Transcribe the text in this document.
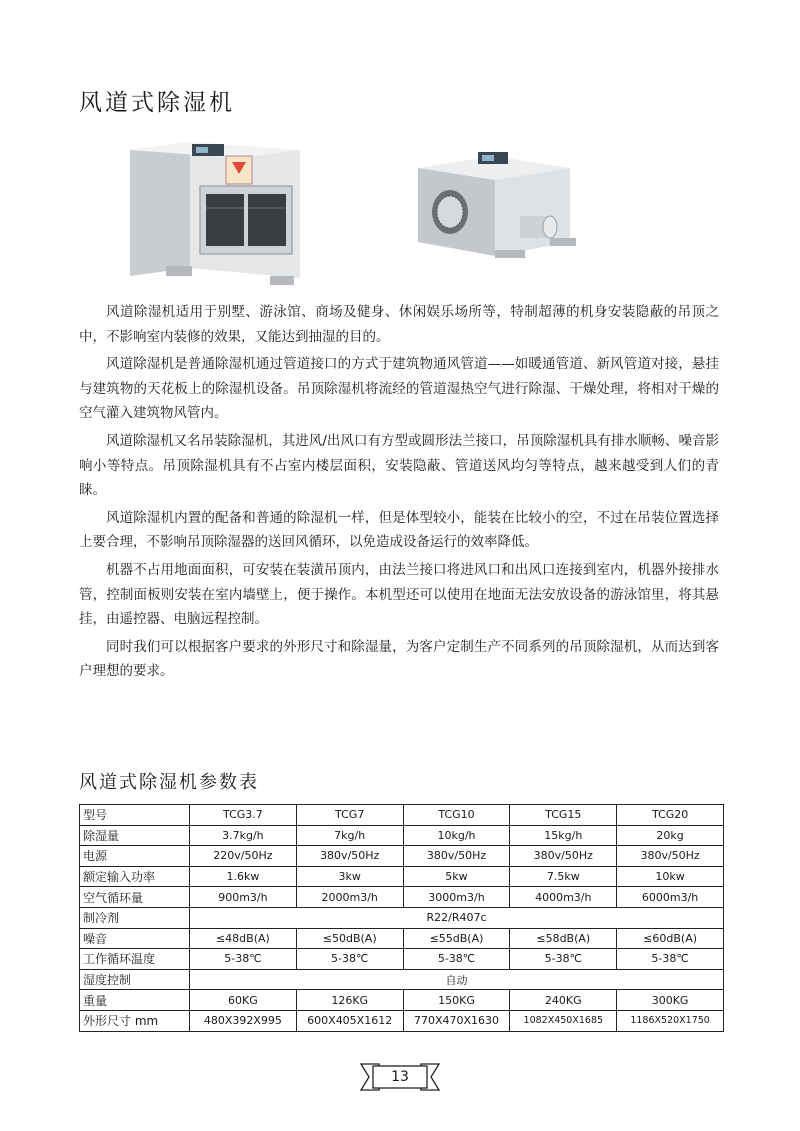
风道式除湿机

风道除湿机适用于别墅、游泳馆、商场及健身、休闲娱乐场所等，特制超薄的机身安装隐蔽的吊顶之中，不影响室内装修的效果，又能达到抽湿的目的。

风道除湿机是普通除湿机通过管道接口的方式于建筑物通风管道——如暖通管道、新风管道对接，悬挂与建筑物的天花板上的除湿机设备。吊顶除湿机将流经的管道湿热空气进行除湿、干燥处理，将相对干燥的空气灌入建筑物风管内。

风道除湿机又名吊装除湿机，其进风/出风口有方型或圆形法兰接口，吊顶除湿机具有排水顺畅、噪音影响小等特点。吊顶除湿机具有不占室内楼层面积，安装隐蔽、管道送风均匀等特点，越来越受到人们的青睐。

风道除湿机内置的配备和普通的除湿机一样，但是体型较小，能装在比较小的空，不过在吊装位置选择上要合理，不影响吊顶除湿器的送回风循环，以免造成设备运行的效率降低。

机器不占用地面面积，可安装在装潢吊顶内，由法兰接口将进风口和出风口连接到室内，机器外接排水管，控制面板则安装在室内墙壁上，便于操作。本机型还可以使用在地面无法安放设备的游泳馆里，将其悬挂，由遥控器、电脑远程控制。

同时我们可以根据客户要求的外形尺寸和除湿量，为客户定制生产不同系列的吊顶除湿机，从而达到客户理想的要求。

风道式除湿机参数表
型号	TCG3.7	TCG7	TCG10	TCG15	TCG20
除湿量	3.7kg/h	7kg/h	10kg/h	15kg/h	20kg
电源	220v/50Hz	380v/50Hz	380v/50Hz	380v/50Hz	380v/50Hz
额定输入功率	1.6kw	3kw	5kw	7.5kw	10kw
空气循环量	900m3/h	2000m3/h	3000m3/h	4000m3/h	6000m3/h
制冷剂	R22/R407c				
噪音	≤48dB(A)	≤50dB(A)	≤55dB(A)	≤58dB(A)	≤60dB(A)
工作循环温度	5-38℃	5-38℃	5-38℃	5-38℃	5-38℃
湿度控制	自动				
重量	60KG	126KG	150KG	240KG	300KG
外形尺寸 mm	480X392X995	600X405X1612	770X470X1630	1082X450X1685	1186X520X1750
13
